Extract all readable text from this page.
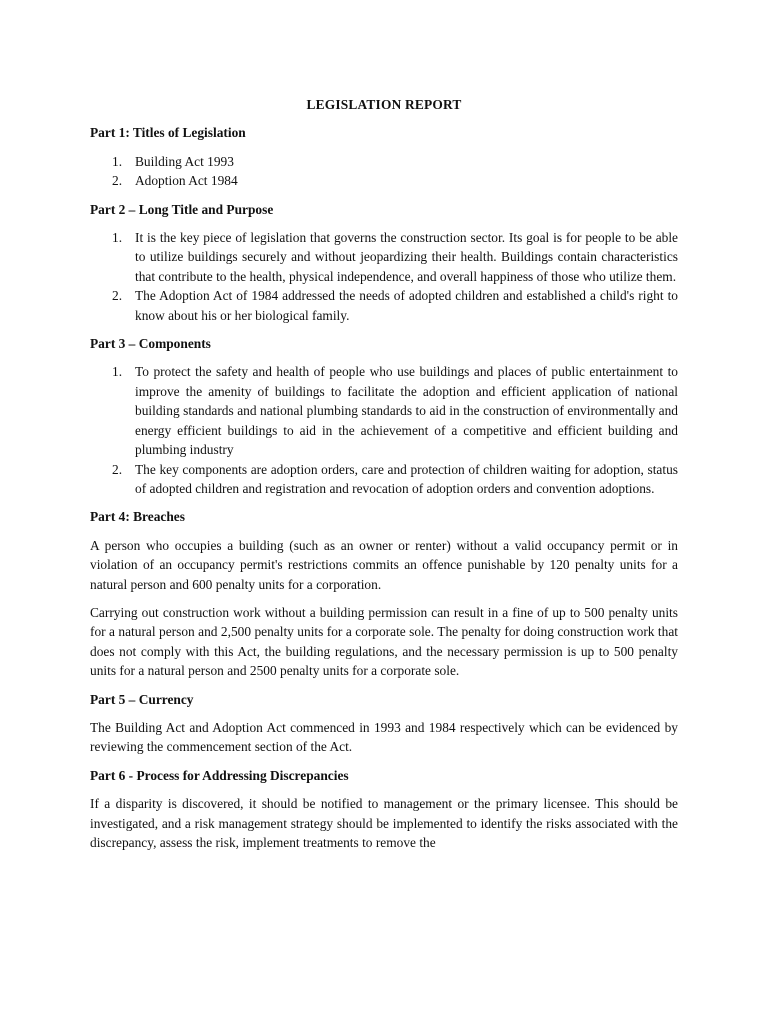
LEGISLATION REPORT
Part 1: Titles of Legislation
1. Building Act 1993
2. Adoption Act 1984
Part 2 – Long Title and Purpose
1. It is the key piece of legislation that governs the construction sector. Its goal is for people to be able to utilize buildings securely and without jeopardizing their health. Buildings contain characteristics that contribute to the health, physical independence, and overall happiness of those who utilize them.
2. The Adoption Act of 1984 addressed the needs of adopted children and established a child's right to know about his or her biological family.
Part 3 – Components
1. To protect the safety and health of people who use buildings and places of public entertainment to improve the amenity of buildings to facilitate the adoption and efficient application of national building standards and national plumbing standards to aid in the construction of environmentally and energy efficient buildings to aid in the achievement of a competitive and efficient building and plumbing industry
2. The key components are adoption orders, care and protection of children waiting for adoption, status of adopted children and registration and revocation of adoption orders and convention adoptions.
Part 4: Breaches

A person who occupies a building (such as an owner or renter) without a valid occupancy permit or in violation of an occupancy permit's restrictions commits an offence punishable by 120 penalty units for a natural person and 600 penalty units for a corporation.

Carrying out construction work without a building permission can result in a fine of up to 500 penalty units for a natural person and 2,500 penalty units for a corporate sole. The penalty for doing construction work that does not comply with this Act, the building regulations, and the necessary permission is up to 500 penalty units for a natural person and 2500 penalty units for a corporate sole.

Part 5 – Currency

The Building Act and Adoption Act commenced in 1993 and 1984 respectively which can be evidenced by reviewing the commencement section of the Act.

Part 6 - Process for Addressing Discrepancies

If a disparity is discovered, it should be notified to management or the primary licensee. This should be investigated, and a risk management strategy should be implemented to identify the risks associated with the discrepancy, assess the risk, implement treatments to remove the
